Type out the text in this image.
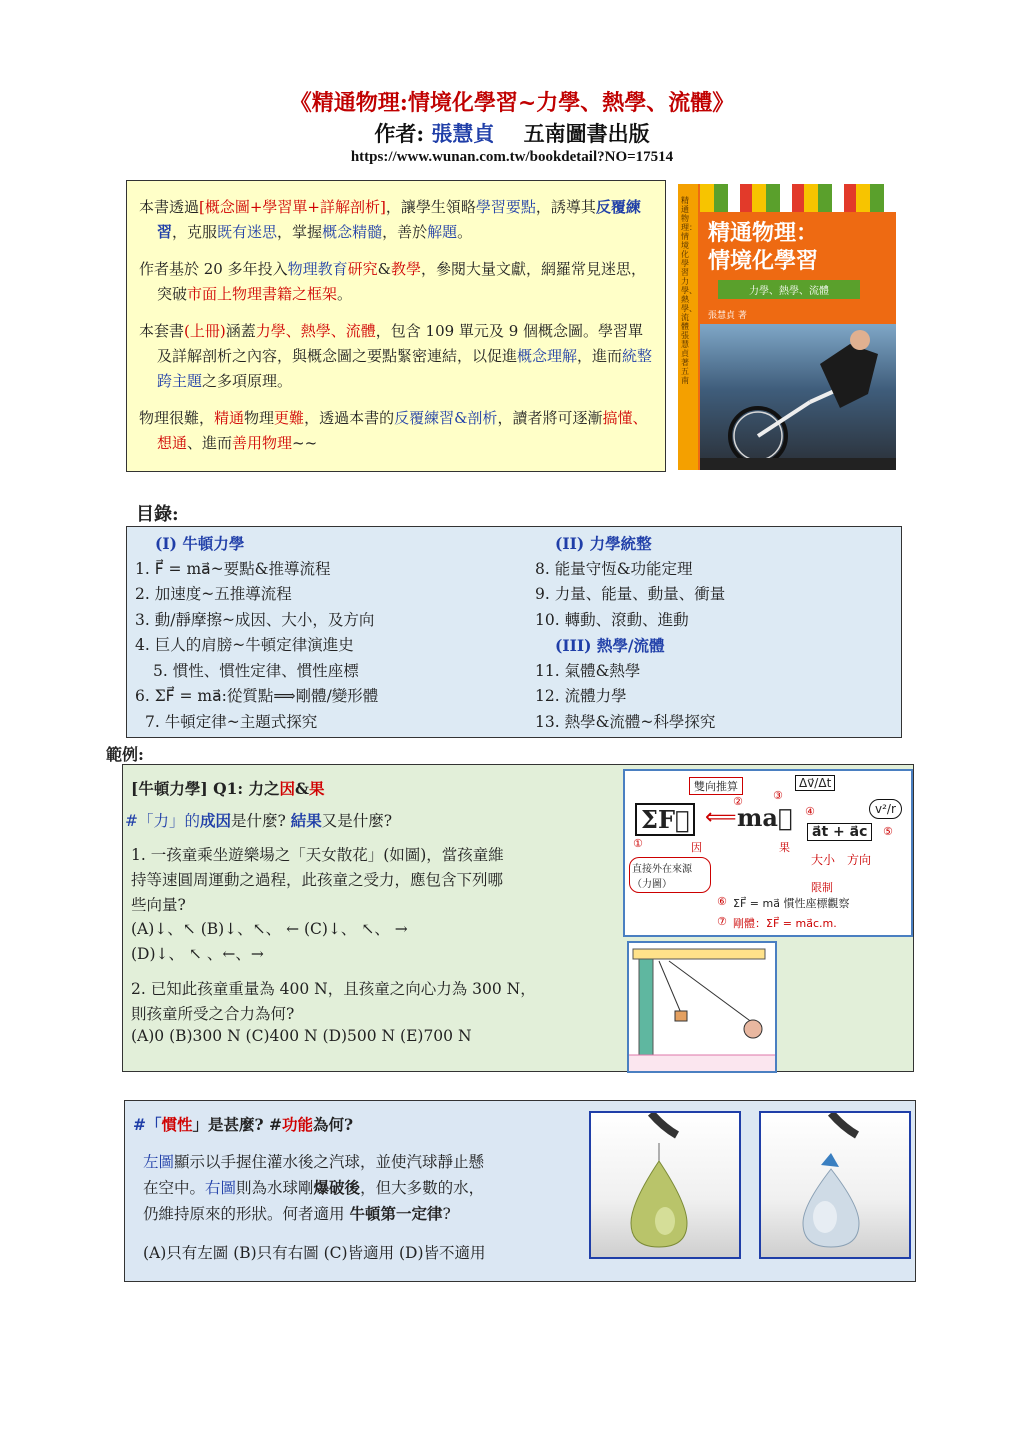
《精通物理:情境化學習~力學、熱學、流體》
作者: 張慧貞 五南圖書出版
https://www.wunan.com.tw/bookdetail?NO=17514

本書透過[概念圖+學習單+詳解剖析]，讓學生領略學習要點，誘導其反覆練習，克服既有迷思，掌握概念精髓，善於解題。

作者基於 20 多年投入物理教育研究&教學，參閱大量文獻，網羅常見迷思，突破市面上物理書籍之框架。

本套書(上冊)涵蓋力學、熱學、流體，包含 109 單元及 9 個概念圖。學習單及詳解剖析之內容，與概念圖之要點緊密連結，以促進概念理解，進而統整跨主題之多項原理。

物理很難，精通物理更難，透過本書的反覆練習&剖析，讀者將可逐漸搞懂、想通、進而善用物理~~

精通物理：情境化學習 力學、熱學、流體 張慧貞 著 五南
精通物理：
情境化學習
力學、熱學、流體
張慧貞 著
目錄:
(I) 牛頓力學
1. F⃗ = ma⃗~要點&推導流程
2. 加速度~五推導流程
3. 動/靜摩擦~成因、大小，及方向
4. 巨人的肩膀~牛頓定律演進史
5. 慣性、慣性定律、慣性座標
6. ΣF⃗ = ma⃗:從質點⟹剛體/變形體
7. 牛頓定律~主題式探究
(II) 力學統整
8. 能量守恆&功能定理
9. 力量、能量、動量、衝量
10. 轉動、滾動、進動
(III) 熱學/流體
11. 氣體&熱學
12. 流體力學
13. 熱學&流體~科學探究
範例:
[牛頓力學] Q1: 力之因&果
#「力」的成因是什麼? 結果又是什麼?
1. 一孩童乘坐遊樂場之「天女散花」(如圖)，當孩童維
持等速圓周運動之過程，此孩童之受力，應包含下列哪
些向量?
(A)↓、↖ (B)↓、↖、 ← (C)↓、 ↖、 →
(D)↓、 ↖ 、←、→
2. 已知此孩童重量為 400 N，且孩童之向心力為 300 N，
則孩童所受之合力為何?
(A)0 (B)300 N (C)400 N (D)500 N (E)700 N
雙向推算
ΣF⃗ ⟸ ma⃗
Δv⃗/Δt
v²/r
a⃗t + a⃗c
①
②	③
④
⑤
⑥
⑦
因	果
大小 方向
限制
直接外在來源（力圖）
ΣF⃗ = ma⃗ 慣性座標觀察
剛體：ΣF⃗ = ma⃗c.m.
#「慣性」是甚麼? #功能為何?
左圖顯示以手握住灌水後之汽球，並使汽球靜止懸
在空中。右圖則為水球剛爆破後，但大多數的水，
仍維持原來的形狀。何者適用 牛頓第一定律?
(A)只有左圖 (B)只有右圖 (C)皆適用 (D)皆不適用
